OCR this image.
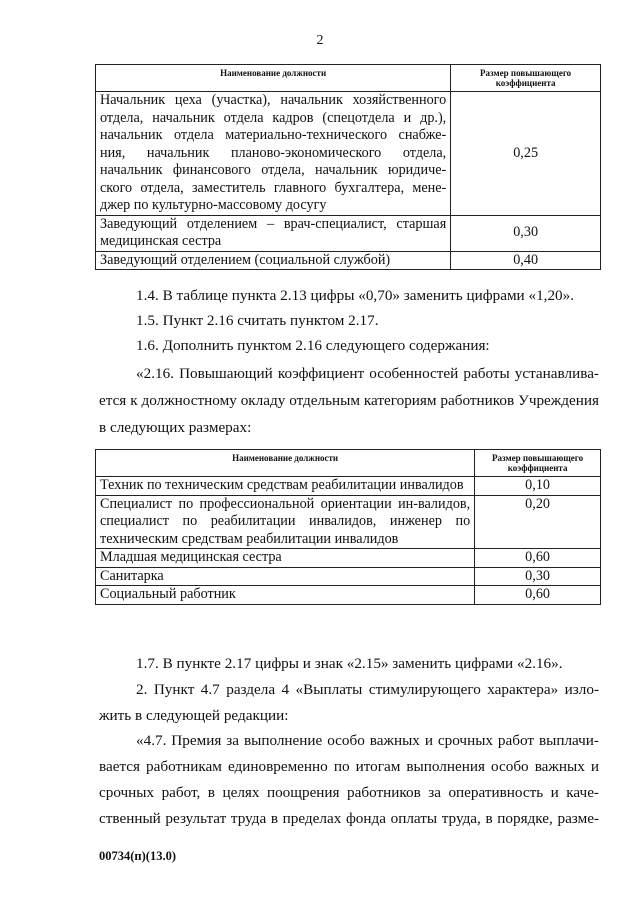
2
Наименование должности	Размер повышающего коэффициента
Начальник цеха (участка), начальник хозяйственного отдела, начальник отдела кадров (спецотдела и др.), начальник отдела материально-технического снабже-ния, начальник планово-экономического отдела, начальник финансового отдела, начальник юридиче-ского отдела, заместитель главного бухгалтера, мене-джер по культурно-массовому досугу	0,25
Заведующий отделением – врач-специалист, старшая медицинская сестра	0,30
Заведующий отделением (социальной службой)	0,40
1.4. В таблице пункта 2.13 цифры «0,70» заменить цифрами «1,20».
1.5. Пункт 2.16 считать пунктом 2.17.
1.6. Дополнить пунктом 2.16 следующего содержания:
«2.16. Повышающий коэффициент особенностей работы устанавлива-ется к должностному окладу отдельным категориям работников Учреждения в следующих размерах:
Наименование должности	Размер повышающего коэффициента
Техник по техническим средствам реабилитации инвалидов	0,10
Специалист по профессиональной ориентации ин-валидов, специалист по реабилитации инвалидов, инженер по техническим средствам реабилитации инвалидов	0,20
Младшая медицинская сестра	0,60
Санитарка	0,30
Социальный работник	0,60
1.7. В пункте 2.17 цифры и знак «2.15» заменить цифрами «2.16».
2. Пункт 4.7 раздела 4 «Выплаты стимулирующего характера» изло-жить в следующей редакции:
«4.7. Премия за выполнение особо важных и срочных работ выплачи-вается работникам единовременно по итогам выполнения особо важных и срочных работ, в целях поощрения работников за оперативность и каче-ственный результат труда в пределах фонда оплаты труда, в порядке, разме-
00734(п)(13.0)
